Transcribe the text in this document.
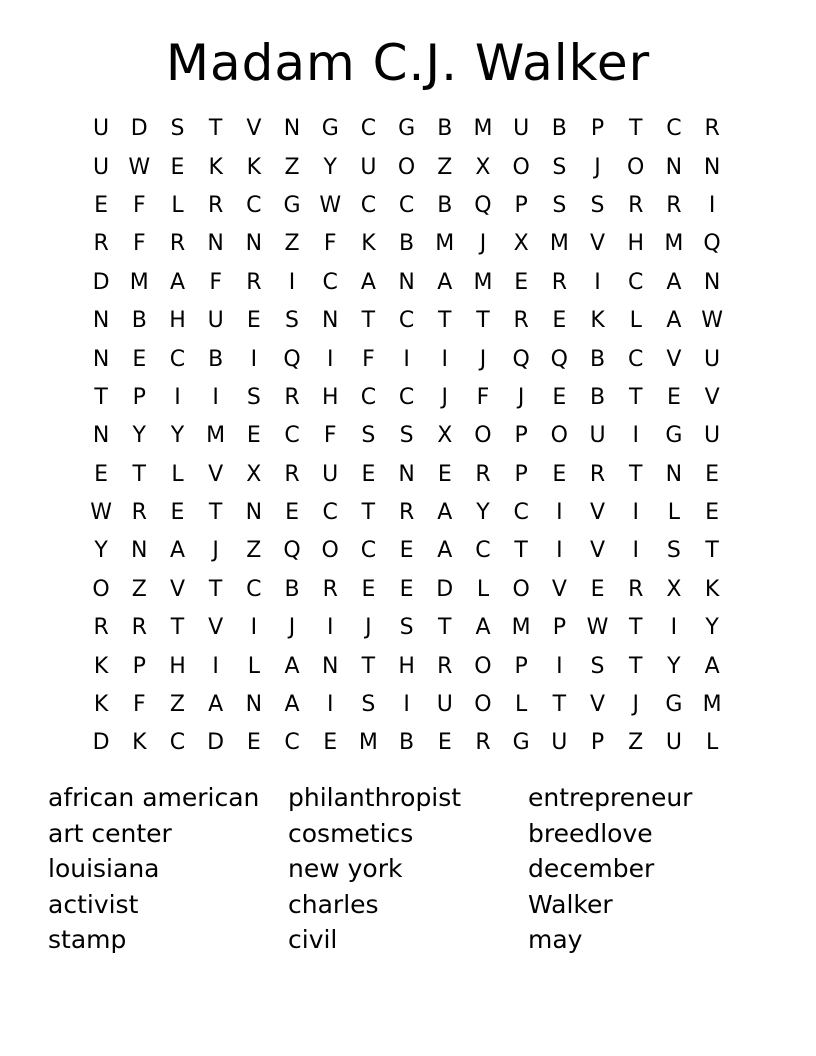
Madam C.J. Walker
U D	S	T	V	N G C G	B M U	B	P	T	C	R
U W E	K	K	Z	Y	U O Z	X O	S	J	O N N
E	F	L	R	C G W C	C	B Q	P	S	S	R	R	I
R	F	R	N N	Z	F	K	B M	J	X M V	H M Q
D M A	F	R	I	C	A	N	A M E	R	I	C	A	N
N	B	H U	E	S	N	T	C	T	T	R	E	K	L	A W
N	E	C	B	I	Q	I	F	I	I	J	Q Q B	C	V	U
T	P	I	I	S	R	H	C	C	J	F	J	E	B	T	E	V
N	Y	Y M E	C	F	S	S	X O	P	O U	I	G U
E	T	L	V	X	R	U	E	N	E	R	P	E	R	T	N	E
W R	E	T	N	E	C	T	R	A	Y	C	I	V	I	L	E
Y	N	A	J	Z Q O C	E	A	C	T	I	V	I	S	T
O Z	V	T	C	B	R	E	E	D	L	O	V	E	R	X	K
R	R	T	V	I	J	I	J	S	T	A M	P W T	I	Y
K	P	H	I	L	A	N	T	H	R O	P	I	S	T	Y	A
K	F	Z	A	N	A	I	S	I	U O	L	T	V	J	G M
D	K	C	D	E	C	E M B	E	R	G U	P	Z	U	L
african american
art center
louisiana
activist
stamp
philanthropist
cosmetics
new york
charles
civil
entrepreneur
breedlove
december
Walker
may
